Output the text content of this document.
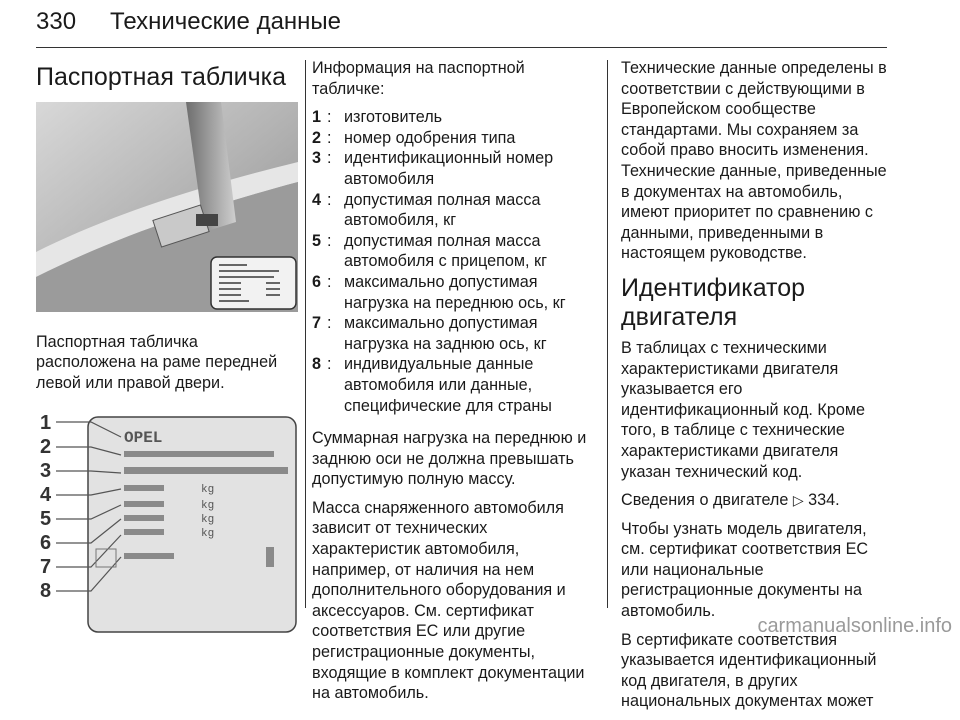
330 Технические данные
Паспортная табличка

Паспортная табличка расположена на раме передней левой или правой двери.

1
2
3
4
5
6
7
8
OPEL
kg
kg
kg
kg

Информация на паспортной табличке:

1 : изготовитель
2 : номер одобрения типа
3 : идентификационный номер автомобиля
4 : допустимая полная масса автомобиля, кг
5 : допустимая полная масса автомобиля с прицепом, кг
6 : максимально допустимая нагрузка на переднюю ось, кг
7 : максимально допустимая нагрузка на заднюю ось, кг
8 : индивидуальные данные автомобиля или данные, специфические для страны

Суммарная нагрузка на переднюю и заднюю оси не должна превышать допустимую полную массу.

Масса снаряженного автомобиля зависит от технических характеристик автомобиля, например, от наличия на нем дополнительного оборудования и аксессуаров. См. сертификат соответствия ЕС или другие регистрационные документы, входящие в комплект документации на автомобиль.

Технические данные определены в соответствии с действующими в Европейском сообществе стандартами. Мы сохраняем за собой право вносить изменения. Технические данные, приведенные в документах на автомобиль, имеют приоритет по сравнению с данными, приведенными в настоящем руководстве.

Идентификатор двигателя

В таблицах с техническими характеристиками двигателя указывается его идентификационный код. Кроме того, в таблице с технические характеристиками двигателя указан технический код.

Сведения о двигателе ▷ 334.

Чтобы узнать модель двигателя, см. сертификат соответствия ЕС или национальные регистрационные документы на автомобиль.

В сертификате соответствия указывается идентификационный код двигателя, в других национальных документах может

carmanualsonline.info
